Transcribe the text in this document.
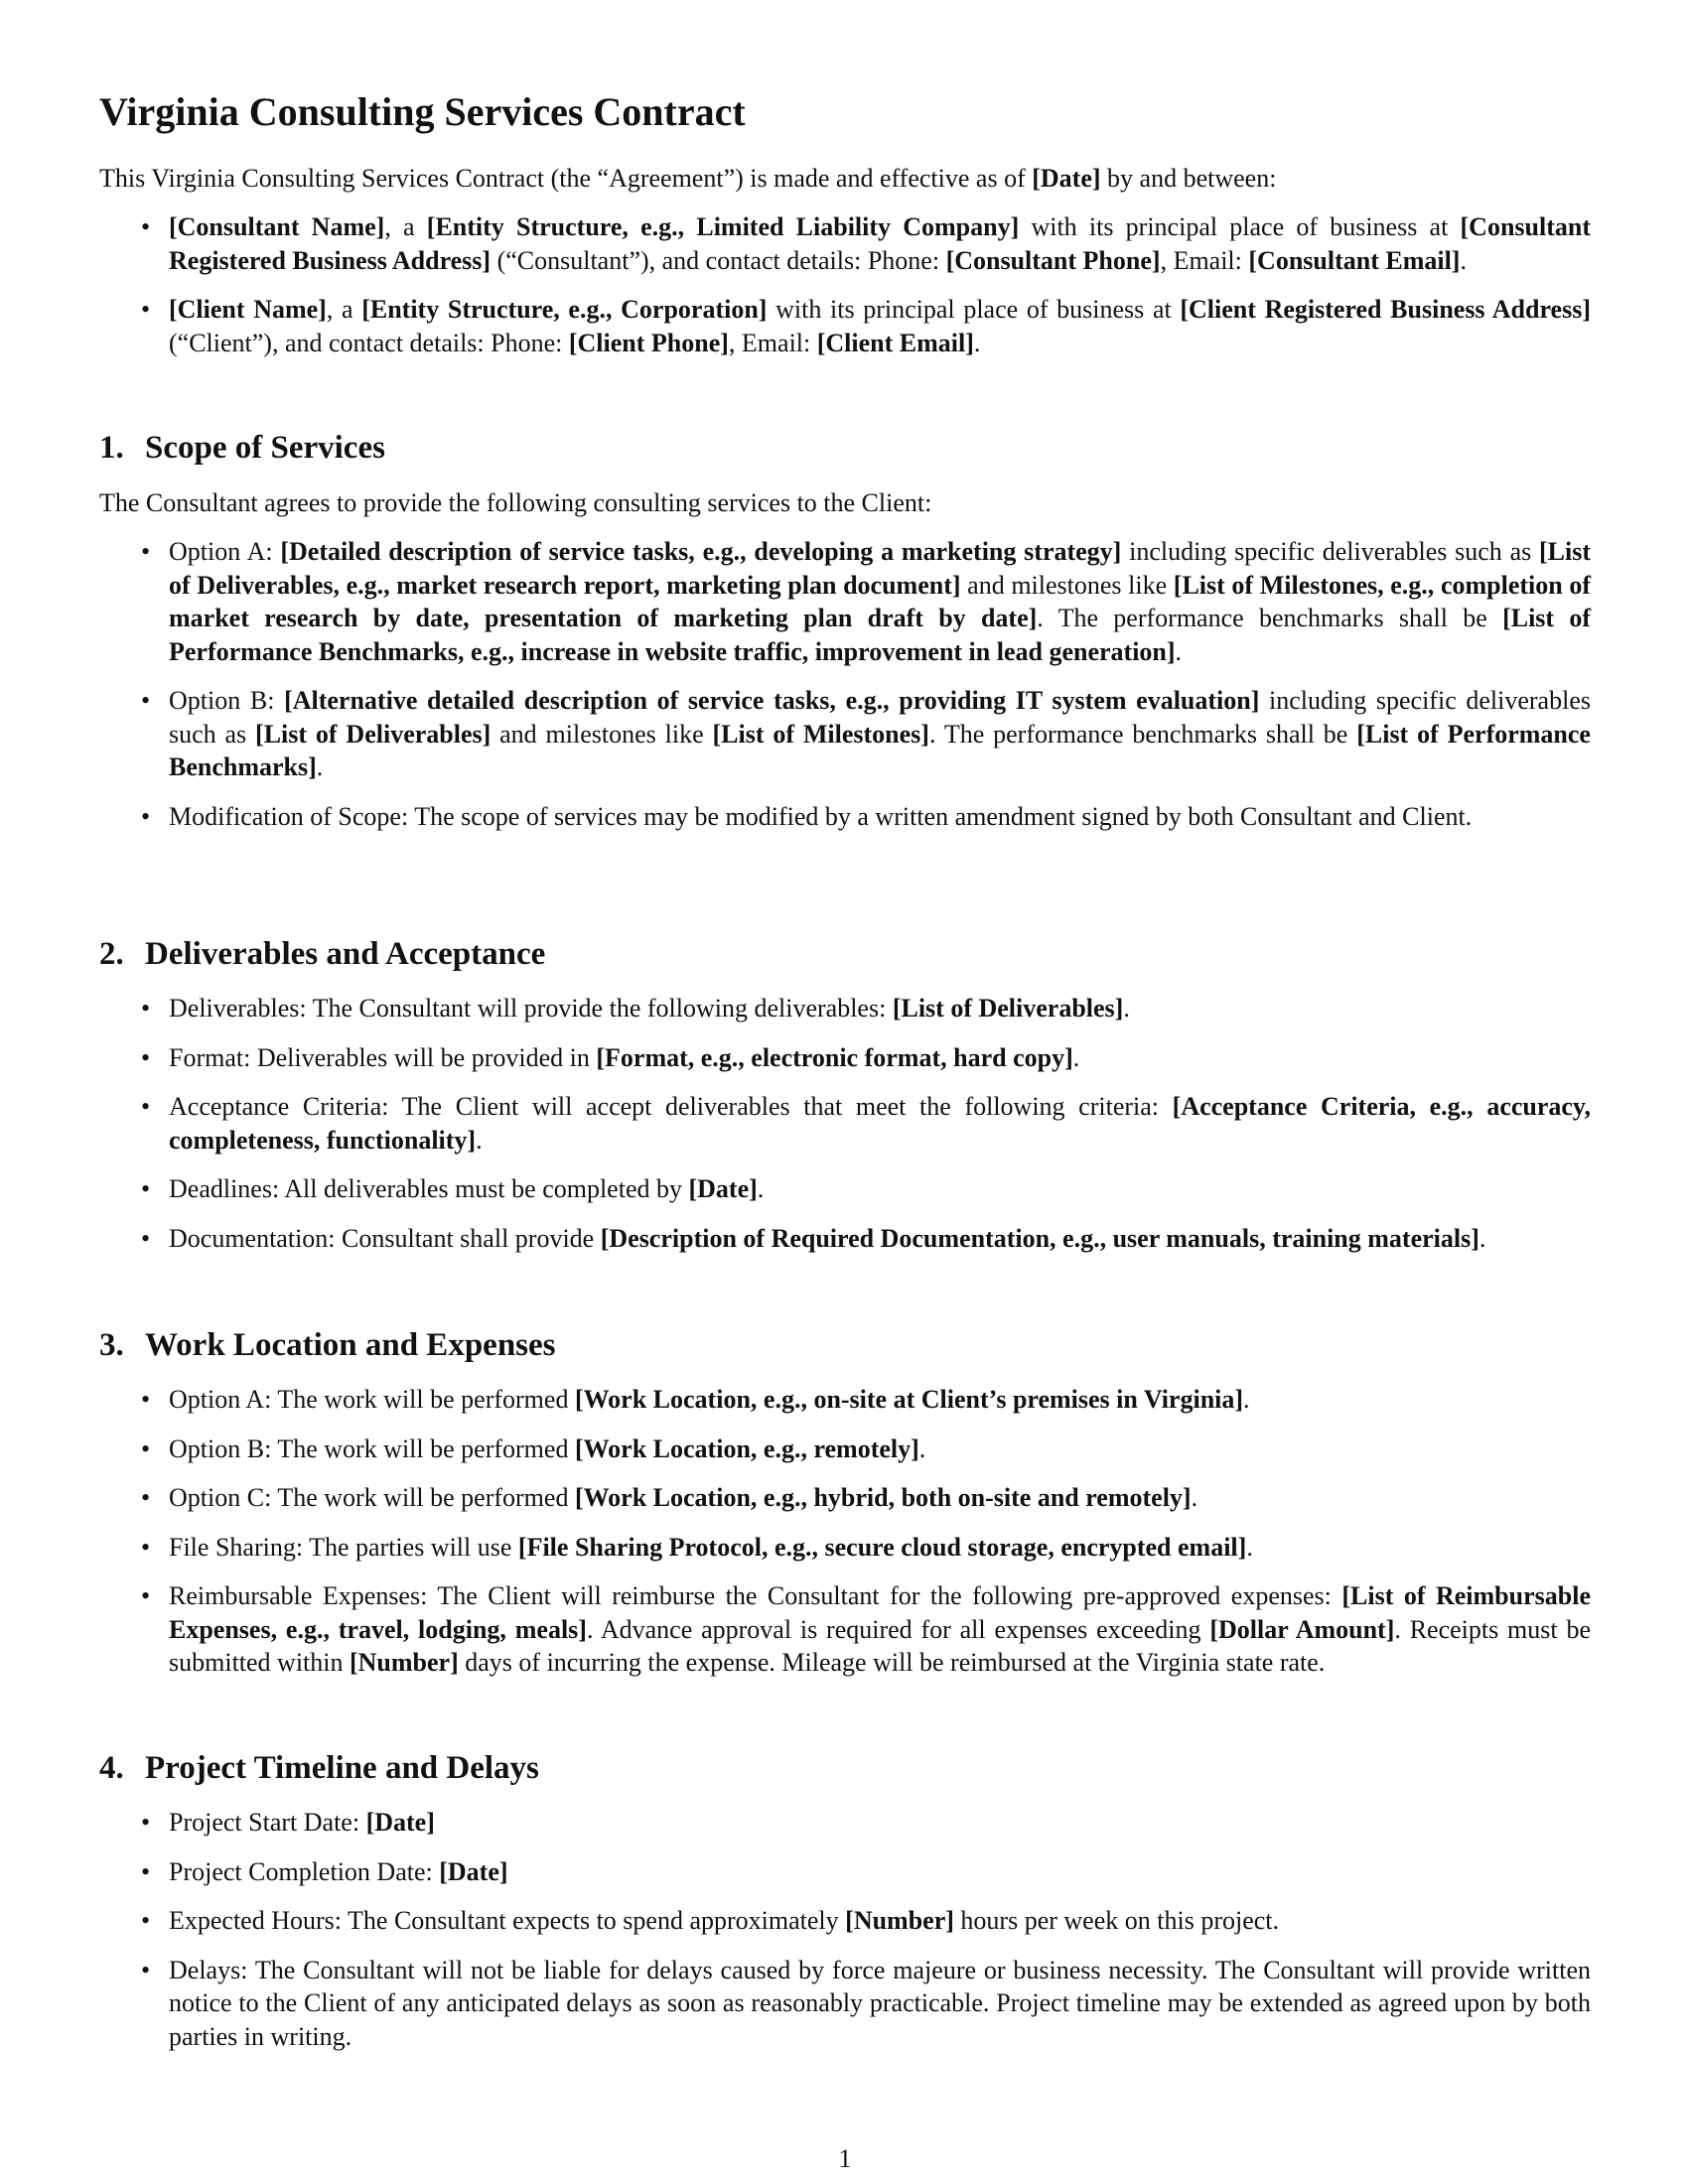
Virginia Consulting Services Contract

This Virginia Consulting Services Contract (the “Agreement”) is made and effective as of [Date] by and between:

• [Consultant Name], a [Entity Structure, e.g., Limited Liability Company] with its principal place of business at [Consultant Registered Business Address] (“Consultant”), and contact details: Phone: [Consultant Phone], Email: [Consultant Email].
• [Client Name], a [Entity Structure, e.g., Corporation] with its principal place of business at [Client Registered Business Address] (“Client”), and contact details: Phone: [Client Phone], Email: [Client Email].
1. Scope of Services

The Consultant agrees to provide the following consulting services to the Client:

• Option A: [Detailed description of service tasks, e.g., developing a marketing strategy] including specific deliverables such as [List of Deliverables, e.g., market research report, marketing plan document] and milestones like [List of Milestones, e.g., completion of market research by date, presentation of marketing plan draft by date]. The performance benchmarks shall be [List of Performance Benchmarks, e.g., increase in website traffic, improvement in lead generation].
• Option B: [Alternative detailed description of service tasks, e.g., providing IT system evaluation] including specific deliverables such as [List of Deliverables] and milestones like [List of Milestones]. The performance benchmarks shall be [List of Performance Benchmarks].
• Modification of Scope: The scope of services may be modified by a written amendment signed by both Consultant and Client.
2. Deliverables and Acceptance
• Deliverables: The Consultant will provide the following deliverables: [List of Deliverables].
• Format: Deliverables will be provided in [Format, e.g., electronic format, hard copy].
• Acceptance Criteria: The Client will accept deliverables that meet the following criteria: [Acceptance Criteria, e.g., accuracy, completeness, functionality].
• Deadlines: All deliverables must be completed by [Date].
• Documentation: Consultant shall provide [Description of Required Documentation, e.g., user manuals, training materials].
3. Work Location and Expenses
• Option A: The work will be performed [Work Location, e.g., on-site at Client’s premises in Virginia].
• Option B: The work will be performed [Work Location, e.g., remotely].
• Option C: The work will be performed [Work Location, e.g., hybrid, both on-site and remotely].
• File Sharing: The parties will use [File Sharing Protocol, e.g., secure cloud storage, encrypted email].
• Reimbursable Expenses: The Client will reimburse the Consultant for the following pre-approved expenses: [List of Reimbursable Expenses, e.g., travel, lodging, meals]. Advance approval is required for all expenses exceeding [Dollar Amount]. Receipts must be submitted within [Number] days of incurring the expense. Mileage will be reimbursed at the Virginia state rate.
4. Project Timeline and Delays
• Project Start Date: [Date]
• Project Completion Date: [Date]
• Expected Hours: The Consultant expects to spend approximately [Number] hours per week on this project.
• Delays: The Consultant will not be liable for delays caused by force majeure or business necessity. The Consultant will provide written notice to the Client of any anticipated delays as soon as reasonably practicable. Project timeline may be extended as agreed upon by both parties in writing.
1
